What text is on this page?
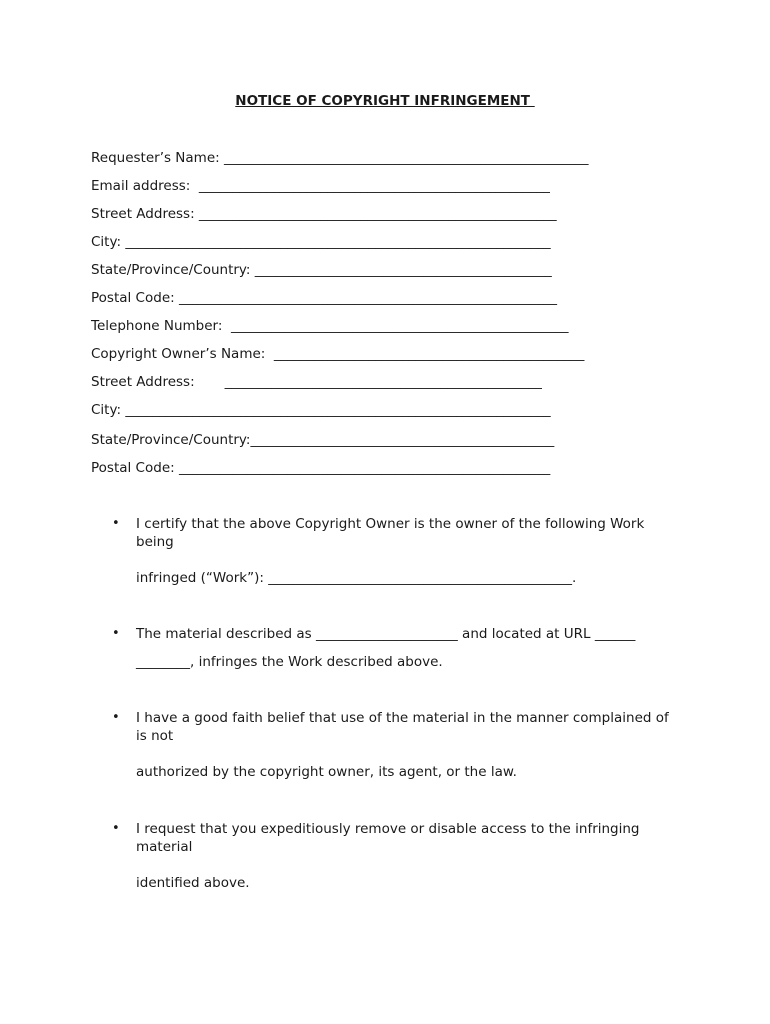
NOTICE OF COPYRIGHT INFRINGEMENT
Requester’s Name: ______________________________________________________
Email address:  ____________________________________________________
Street Address: _____________________________________________________
City: _______________________________________________________________
State/Province/Country: ____________________________________________
Postal Code: ________________________________________________________
Telephone Number:  __________________________________________________
Copyright Owner’s Name:  ______________________________________________
Street Address:       _______________________________________________
City: _______________________________________________________________
State/Province/Country:_____________________________________________
Postal Code: _______________________________________________________
• I certify that the above Copyright Owner is the owner of the following Work being
infringed (“Work”): _____________________________________________.
• The material described as _____________________ and located at URL ______
________, infringes the Work described above.
• I have a good faith belief that use of the material in the manner complained of is not
authorized by the copyright owner, its agent, or the law.
• I request that you expeditiously remove or disable access to the infringing material
identified above.
